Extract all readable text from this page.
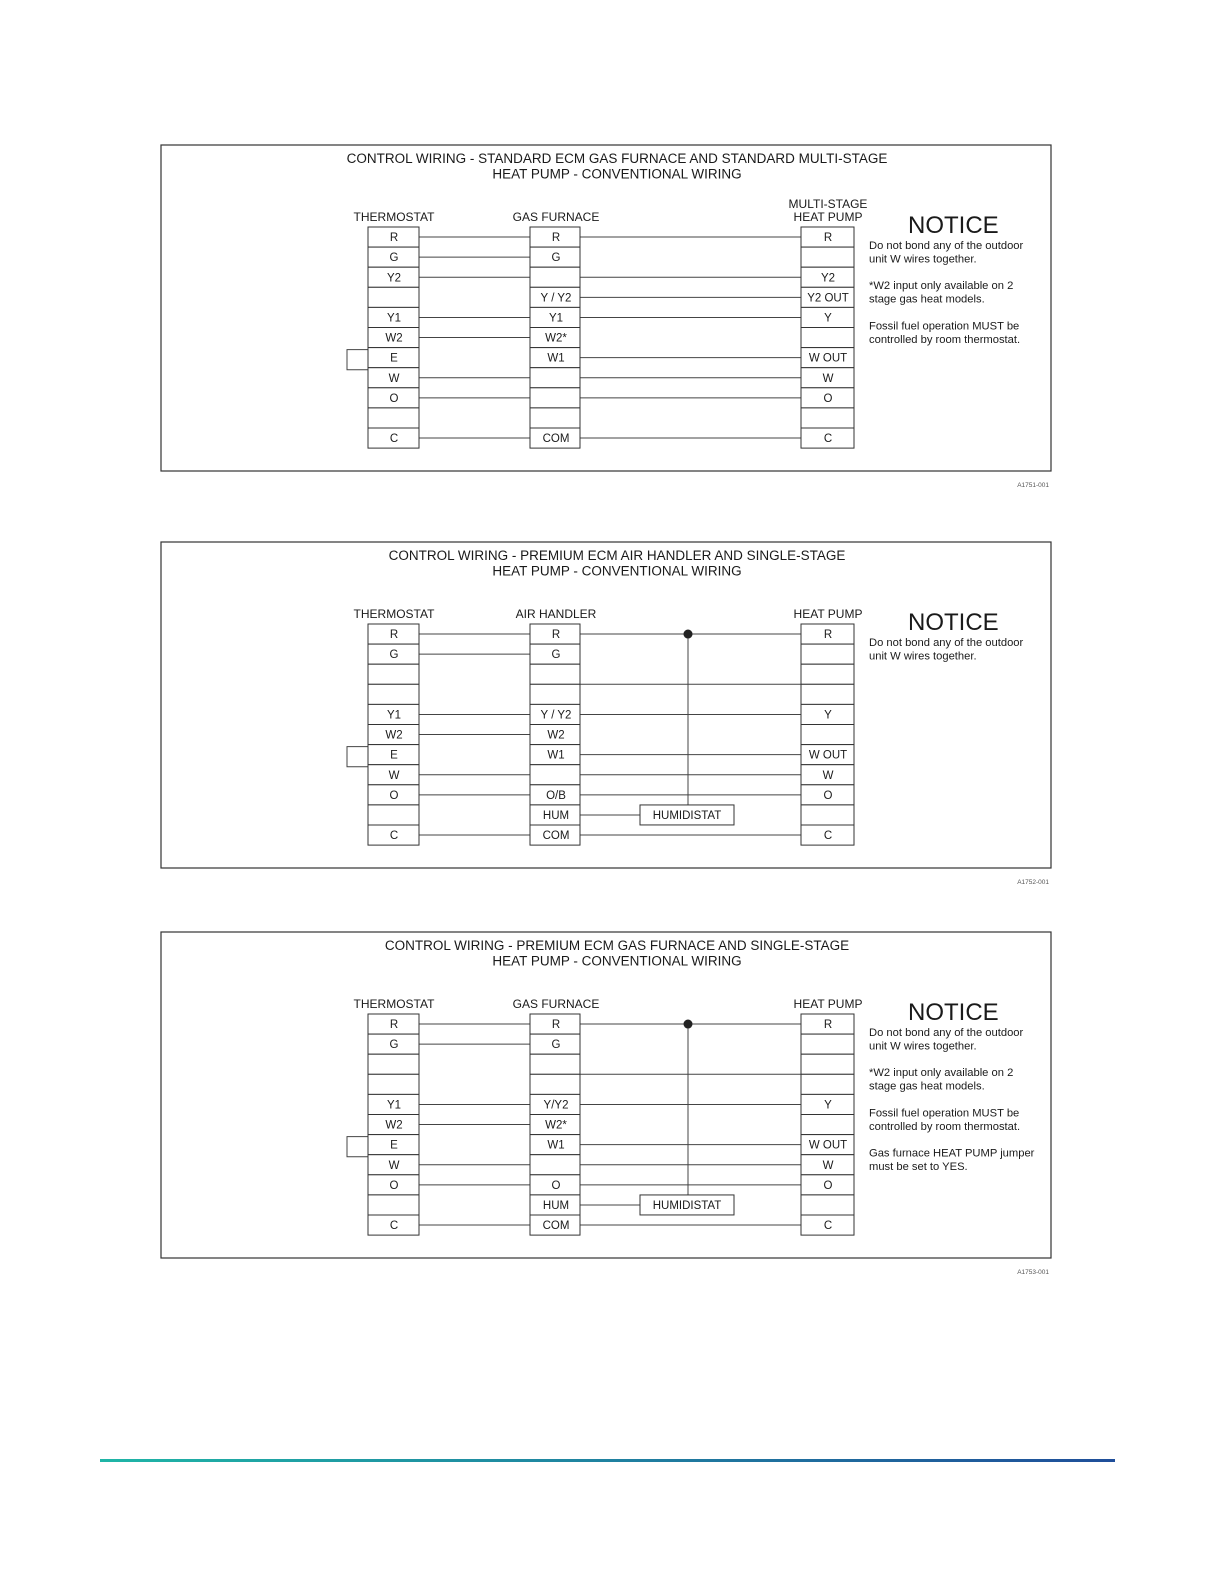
CONTROL WIRING - STANDARD ECM GAS FURNACE AND STANDARD MULTI-STAGE
HEAT PUMP - CONVENTIONAL WIRING
THERMOSTAT
R
G
Y2
Y1
W2
E
W
O
C
GAS FURNACE
R
G
Y / Y2
Y1
W2*
W1
COM
MULTI-STAGE
HEAT PUMP
R
Y2
Y2 OUT
Y
W OUT
W
O
C
NOTICE
Do not bond any of the outdoor
unit W wires together.
*W2 input only available on 2
stage gas heat models.
Fossil fuel operation MUST be
controlled by room thermostat.
A1751-001
CONTROL WIRING - PREMIUM ECM AIR HANDLER AND SINGLE-STAGE
HEAT PUMP - CONVENTIONAL WIRING
THERMOSTAT
R
G
Y1
W2
E
W
O
C
AIR HANDLER
R
G
Y / Y2
W2
W1
O/B
HUM
COM
HEAT PUMP
R
Y
W OUT
W
O
C
HUMIDISTAT
NOTICE
Do not bond any of the outdoor
unit W wires together.
A1752-001
CONTROL WIRING - PREMIUM ECM GAS FURNACE AND SINGLE-STAGE
HEAT PUMP - CONVENTIONAL WIRING
THERMOSTAT
R
G
Y1
W2
E
W
O
C
GAS FURNACE
R
G
Y/Y2
W2*
W1
O
HUM
COM
HEAT PUMP
R
Y
W OUT
W
O
C
HUMIDISTAT
NOTICE
Do not bond any of the outdoor
unit W wires together.
*W2 input only available on 2
stage gas heat models.
Fossil fuel operation MUST be
controlled by room thermostat.
Gas furnace HEAT PUMP jumper
must be set to YES.
A1753-001
